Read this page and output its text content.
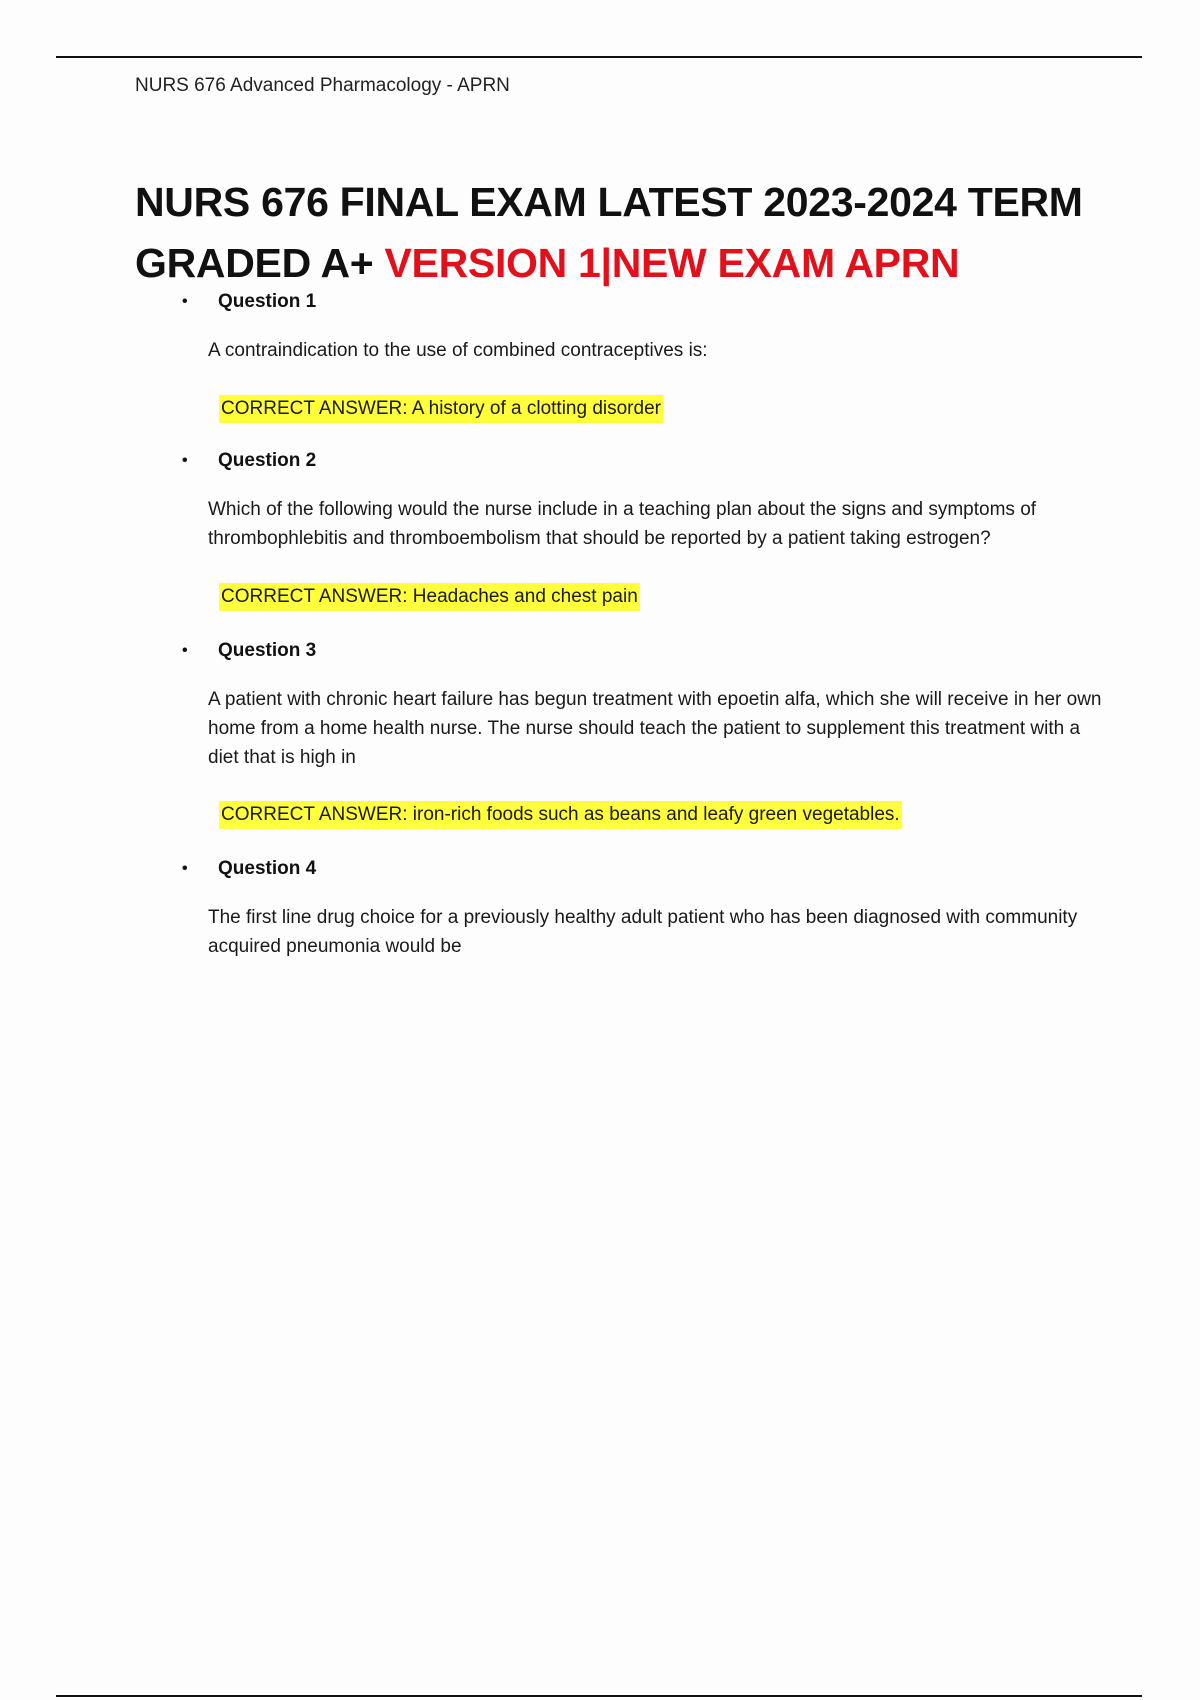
NURS 676 Advanced Pharmacology - APRN

NURS 676 FINAL EXAM LATEST 2023-2024 TERM
GRADED A+ VERSION 1|NEW EXAM APRN
• Question 1

A contraindication to the use of combined contraceptives is:

CORRECT ANSWER: A history of a clotting disorder
• Question 2

Which of the following would the nurse include in a teaching plan about the signs and symptoms of thrombophlebitis and thromboembolism that should be reported by a patient taking estrogen?

CORRECT ANSWER: Headaches and chest pain
• Question 3

A patient with chronic heart failure has begun treatment with epoetin alfa, which she will receive in her own home from a home health nurse. The nurse should teach the patient to supplement this treatment with a diet that is high in

CORRECT ANSWER: iron-rich foods such as beans and leafy green vegetables.
• Question 4

The first line drug choice for a previously healthy adult patient who has been diagnosed with community acquired pneumonia would be
